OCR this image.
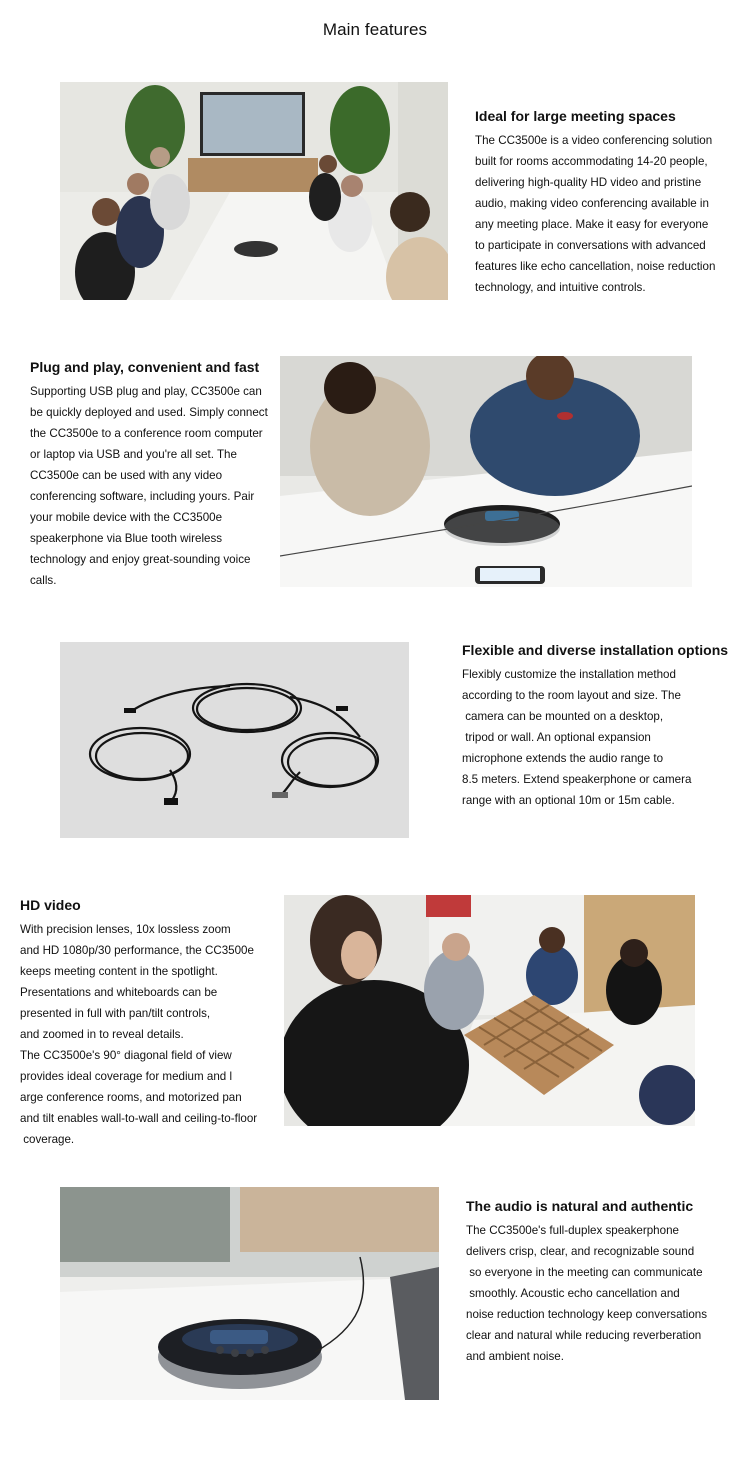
Main features
Ideal for large meeting spaces
The CC3500e is a video conferencing solution
built for rooms accommodating 14-20 people,
delivering high-quality HD video and pristine
audio, making video conferencing available in
any meeting place. Make it easy for everyone
to participate in conversations with advanced
features like echo cancellation, noise reduction
technology, and intuitive controls.
Plug and play, convenient and fast
Supporting USB plug and play, CC3500e can
be quickly deployed and used. Simply connect
the CC3500e to a conference room computer
or laptop via USB and you're all set. The
CC3500e can be used with any video
conferencing software, including yours. Pair
your mobile device with the CC3500e
speakerphone via Blue tooth wireless
technology and enjoy great-sounding voice
calls.
Flexible and diverse installation options
Flexibly customize the installation method
according to the room layout and size. The
camera can be mounted on a desktop,
tripod or wall. An optional expansion
microphone extends the audio range to
8.5 meters. Extend speakerphone or camera
range with an optional 10m or 15m cable.
HD video
With precision lenses, 10x lossless zoom
and HD 1080p/30 performance, the CC3500e
keeps meeting content in the spotlight.
Presentations and whiteboards can be
presented in full with pan/tilt controls,
and zoomed in to reveal details.
The CC3500e's 90° diagonal field of view
provides ideal coverage for medium and l
arge conference rooms, and motorized pan
and tilt enables wall-to-wall and ceiling-to-floor
coverage.
The audio is natural and authentic
The CC3500e's full-duplex speakerphone
delivers crisp, clear, and recognizable sound
so everyone in the meeting can communicate
smoothly. Acoustic echo cancellation and
noise reduction technology keep conversations
clear and natural while reducing reverberation
and ambient noise.
